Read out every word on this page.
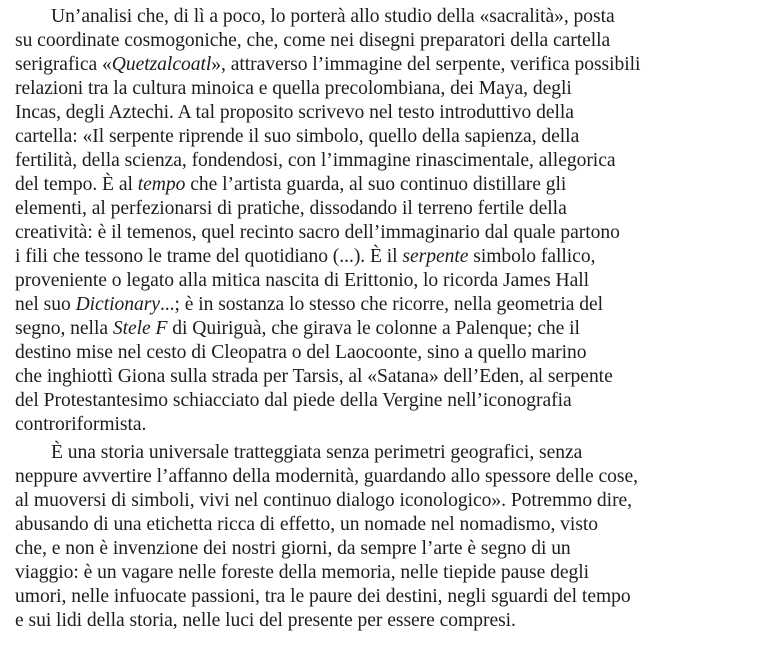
Un’analisi che, di lì a poco, lo porterà allo studio della «sacralità», posta
su coordinate cosmogoniche, che, come nei disegni preparatori della cartella
serigrafica «Quetzalcoatl», attraverso l’immagine del serpente, verifica possibili
relazioni tra la cultura minoica e quella precolombiana, dei Maya, degli
Incas, degli Aztechi. A tal proposito scrivevo nel testo introduttivo della
cartella: «Il serpente riprende il suo simbolo, quello della sapienza, della
fertilità, della scienza, fondendosi, con l’immagine rinascimentale, allegorica
del tempo. È al tempo che l’artista guarda, al suo continuo distillare gli
elementi, al perfezionarsi di pratiche, dissodando il terreno fertile della
creatività: è il temenos, quel recinto sacro dell’immaginario dal quale partono
i fili che tessono le trame del quotidiano (...). È il serpente simbolo fallico,
proveniente o legato alla mitica nascita di Erittonio, lo ricorda James Hall
nel suo Dictionary...; è in sostanza lo stesso che ricorre, nella geometria del
segno, nella Stele F di Quiriguà, che girava le colonne a Palenque; che il
destino mise nel cesto di Cleopatra o del Laocoonte, sino a quello marino
che inghiottì Giona sulla strada per Tarsis, al «Satana» dell’Eden, al serpente
del Protestantesimo schiacciato dal piede della Vergine nell’iconografia
controriformista.
È una storia universale tratteggiata senza perimetri geografici, senza
neppure avvertire l’affanno della modernità, guardando allo spessore delle cose,
al muoversi di simboli, vivi nel continuo dialogo iconologico». Potremmo dire,
abusando di una etichetta ricca di effetto, un nomade nel nomadismo, visto
che, e non è invenzione dei nostri giorni, da sempre l’arte è segno di un
viaggio: è un vagare nelle foreste della memoria, nelle tiepide pause degli
umori, nelle infuocate passioni, tra le paure dei destini, negli sguardi del tempo
e sui lidi della storia, nelle luci del presente per essere compresi.
